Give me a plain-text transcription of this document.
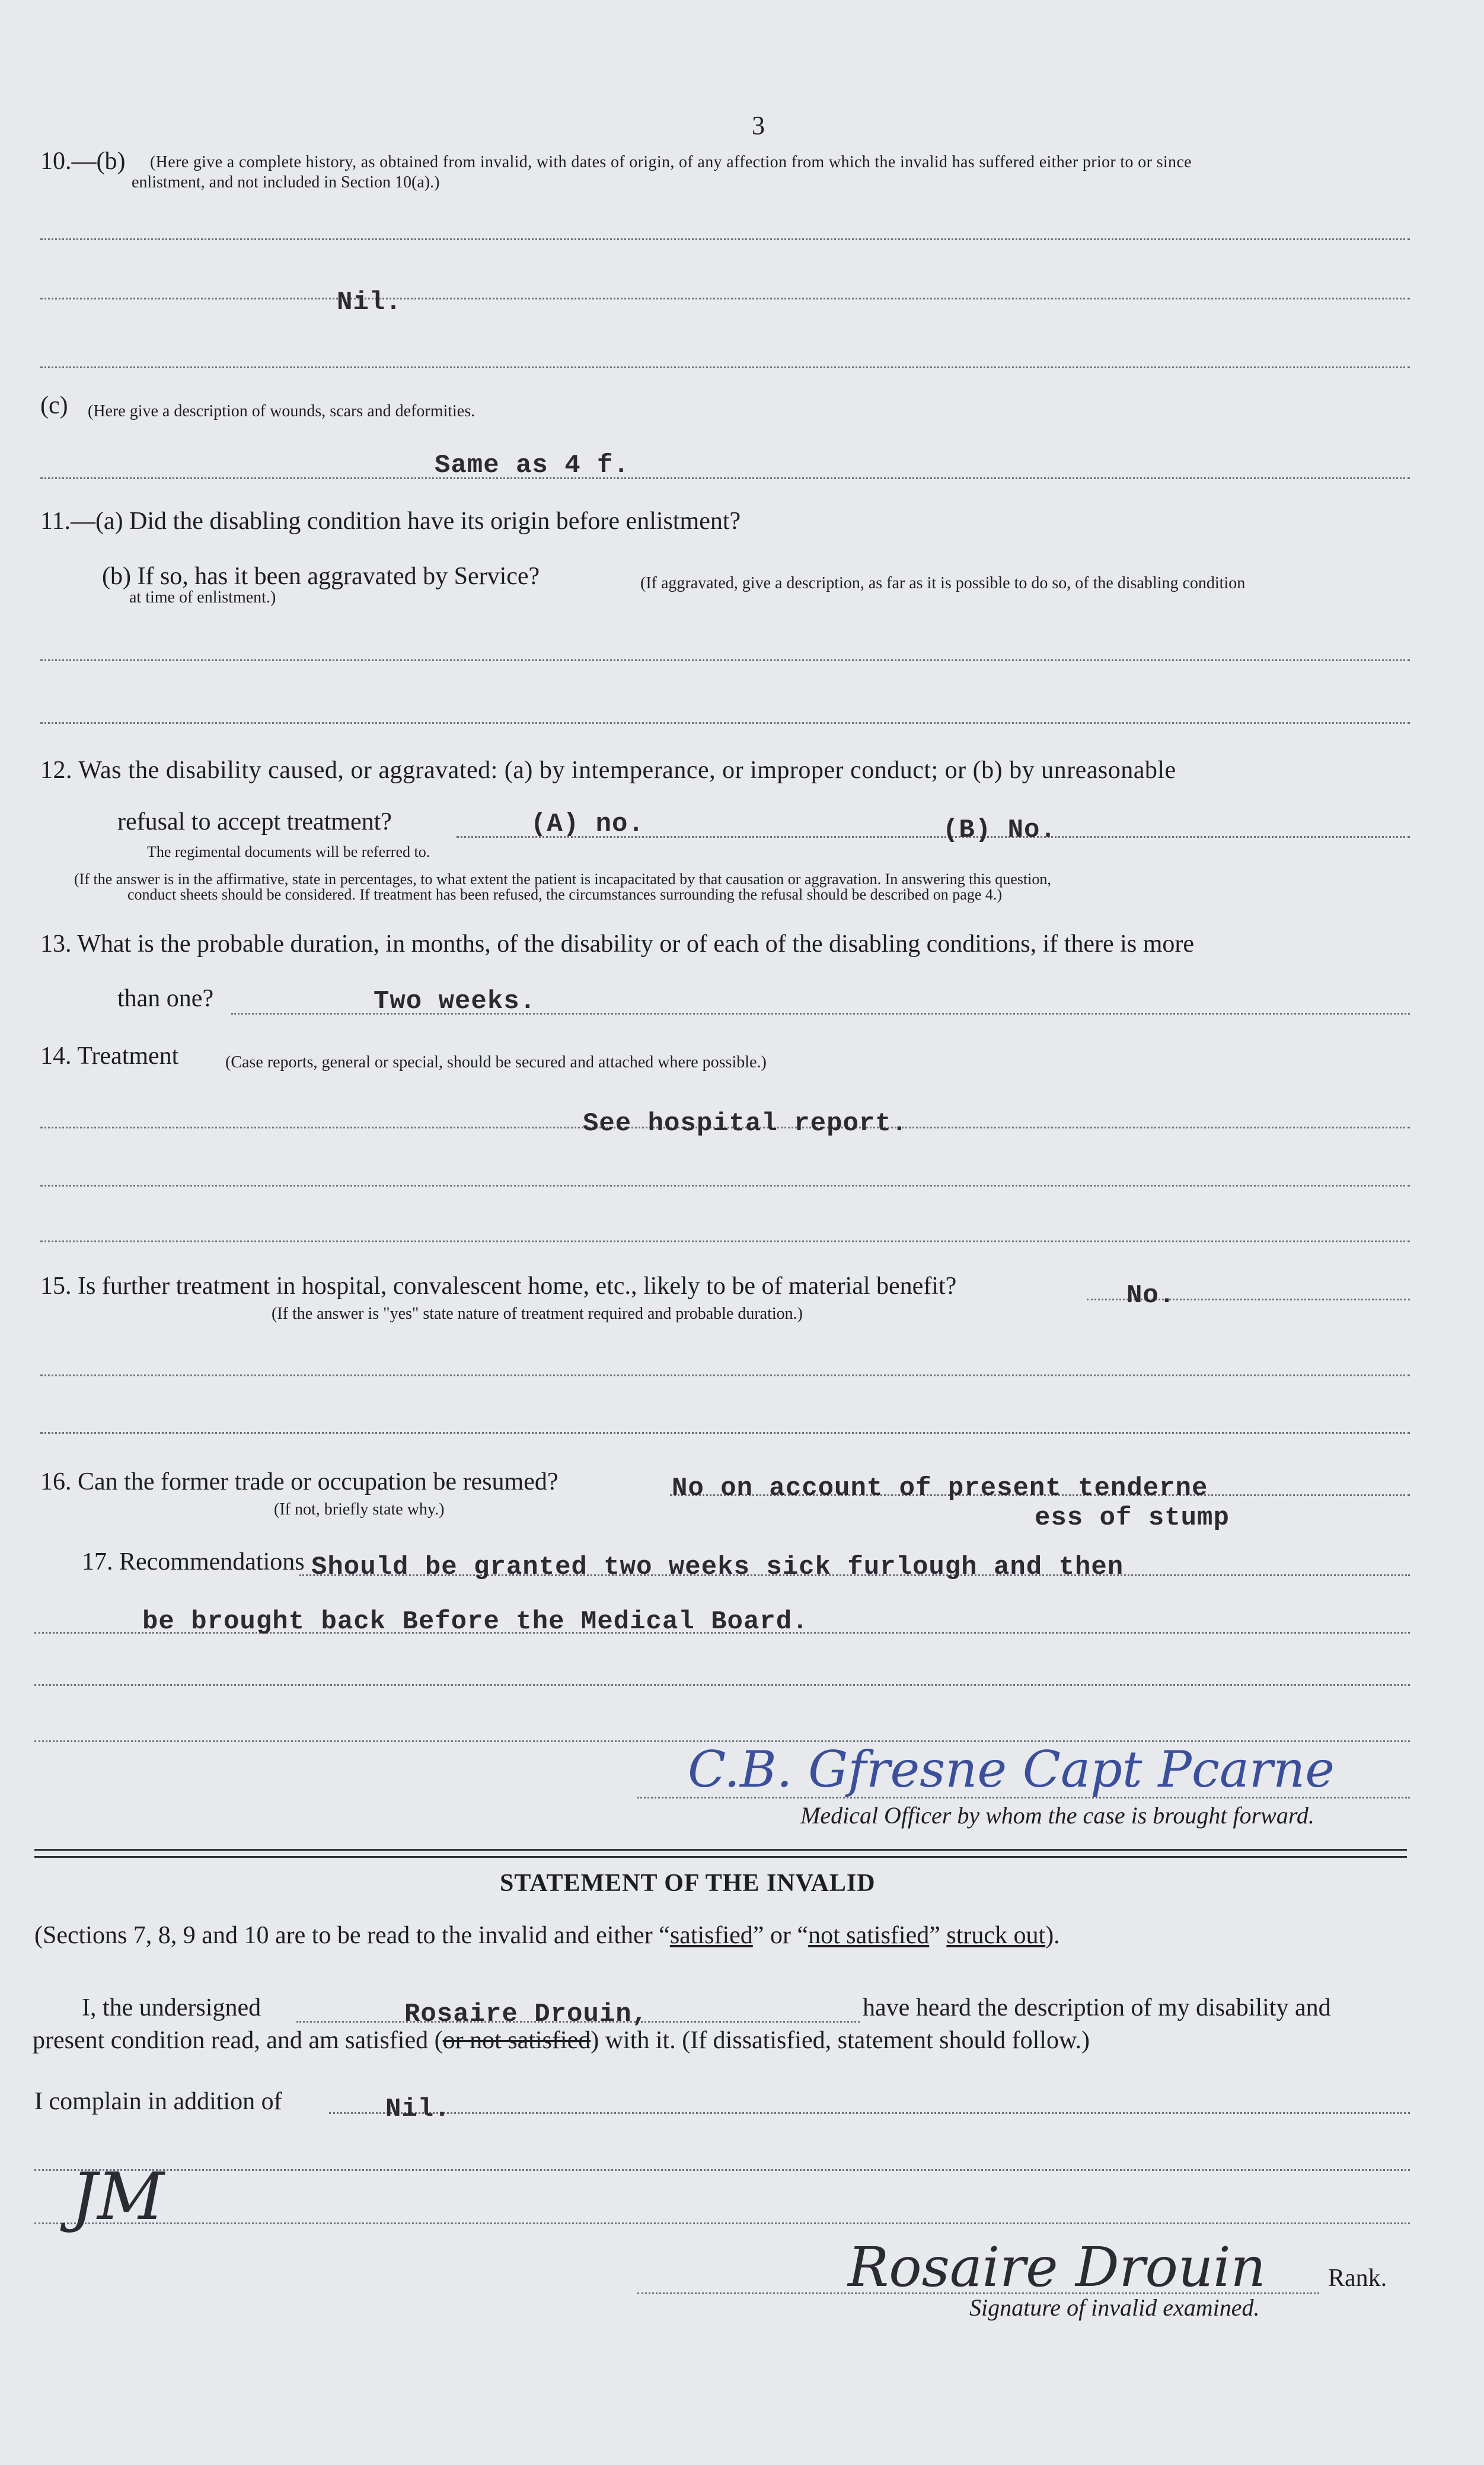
3
10.—(b) (Here give a complete history, as obtained from invalid, with dates of origin, of any affection from which the invalid has suffered either prior to or since
enlistment, and not included in Section 10(a).)
Nil.
(c) (Here give a description of wounds, scars and deformities.
Same as 4 f.
11.—(a) Did the disabling condition have its origin before enlistment?
(b) If so, has it been aggravated by Service?	(If aggravated, give a description, as far as it is possible to do so, of the disabling condition
at time of enlistment.)
12. Was the disability caused, or aggravated: (a) by intemperance, or improper conduct; or (b) by unreasonable
refusal to accept treatment?	(A) no.	(B) No.
The regimental documents will be referred to.
(If the answer is in the affirmative, state in percentages, to what extent the patient is incapacitated by that causation or aggravation. In answering this question,
conduct sheets should be considered. If treatment has been refused, the circumstances surrounding the refusal should be described on page 4.)
13. What is the probable duration, in months, of the disability or of each of the disabling conditions, if there is more
than one?	Two weeks.
14. Treatment	(Case reports, general or special, should be secured and attached where possible.)
See hospital report.
15. Is further treatment in hospital, convalescent home, etc., likely to be of material benefit?	No.
(If the answer is "yes" state nature of treatment required and probable duration.)
16. Can the former trade or occupation be resumed?	No on account of present tenderne
ess of stump
(If not, briefly state why.)
17. Recommendations Should be granted two weeks sick furlough and then
be brought back Before the Medical Board.
C.B. Gfresne Capt Pcarne
Medical Officer by whom the case is brought forward.
STATEMENT OF THE INVALID
(Sections 7, 8, 9 and 10 are to be read to the invalid and either “satisfied” or “not satisfied” struck out).
I, the undersigned	Rosaire Drouin,	have heard the description of my disability and
present condition read, and am satisfied (or not satisfied) with it. (If dissatisfied, statement should follow.)
I complain in addition of	Nil.
JM
Rosaire Drouin	Rank.
Signature of invalid examined.
